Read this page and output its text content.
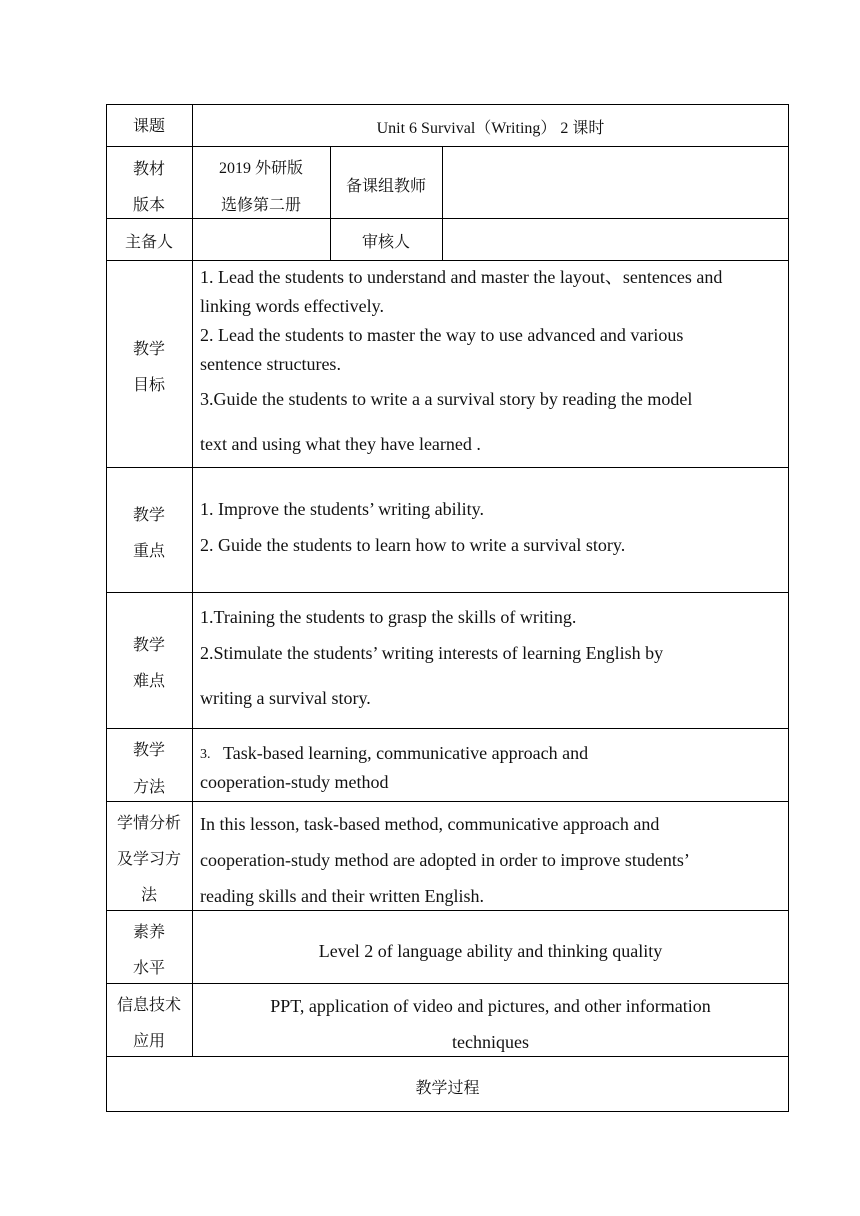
课题	Unit 6 Survival（Writing） 2 课时
教材
版本
2019 外研版
选修第二册
备课组教师
主备人	审核人
教学
目标
1. Lead the students to understand and master the layout、sentences and
linking words effectively.
2. Lead the students to master the way to use advanced and various
sentence structures.
3.Guide the students to write a a survival story by reading the model
text and using what they have learned .
教学
重点
1. Improve the students’ writing ability.
2. Guide the students to learn how to write a survival story.
教学
难点
1.Training the students to grasp the skills of writing.
2.Stimulate the students’ writing interests of learning English by
writing a survival story.
教学
方法
3. Task-based learning, communicative approach and
cooperation-study method
学情分析
及学习方
法
In this lesson, task-based method, communicative approach and
cooperation-study method are adopted in order to improve students’
reading skills and their written English.
素养
水平
Level 2 of language ability and thinking quality
信息技术
应用
PPT, application of video and pictures, and other information
techniques
教学过程
